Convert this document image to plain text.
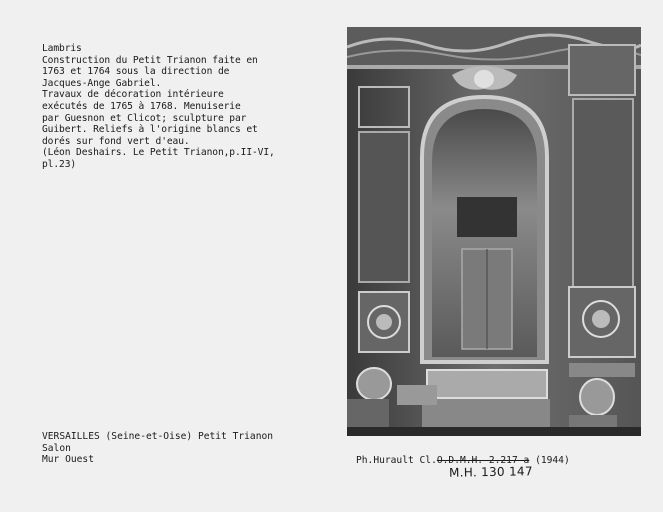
Lambris
Construction du Petit Trianon faite en
1763 et 1764 sous la direction de
Jacques-Ange Gabriel.
Travaux de décoration intérieure
exécutés de 1765 à 1768. Menuiserie
par Guesnon et Clicot; sculpture par
Guibert. Reliefs à l'origine blancs et
dorés sur fond vert d'eau.
(Léon Deshairs. Le Petit Trianon,p.II-VI,
pl.23)
VERSAILLES (Seine-et-Oise) Petit Trianon
Salon
Mur Ouest	Ph.Hurault Cl.O.D.M.H. 2.217 a (1944)
M.H. 130 147
